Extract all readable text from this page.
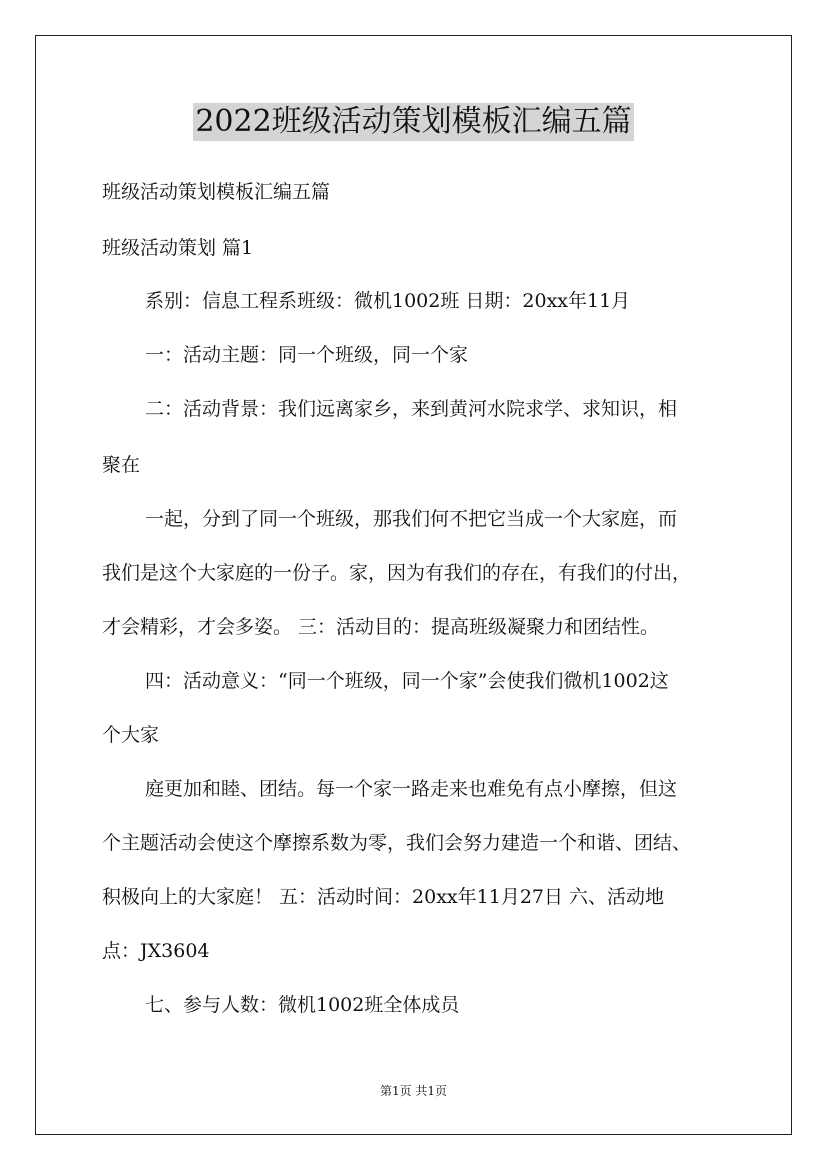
2022班级活动策划模板汇编五篇
班级活动策划模板汇编五篇
班级活动策划 篇1
系别：信息工程系班级：微机1002班 日期：20xx年11月
一：活动主题：同一个班级，同一个家
二：活动背景：我们远离家乡，来到黄河水院求学、求知识，相
聚在
一起，分到了同一个班级，那我们何不把它当成一个大家庭，而
我们是这个大家庭的一份子。家，因为有我们的存在，有我们的付出，
才会精彩，才会多姿。 三：活动目的：提高班级凝聚力和团结性。
四：活动意义：“同一个班级，同一个家”会使我们微机1002这
个大家
庭更加和睦、团结。每一个家一路走来也难免有点小摩擦，但这
个主题活动会使这个摩擦系数为零，我们会努力建造一个和谐、团结、
积极向上的大家庭！ 五：活动时间：20xx年11月27日 六、活动地
点：JX3604
七、参与人数：微机1002班全体成员
第1页 共1页
